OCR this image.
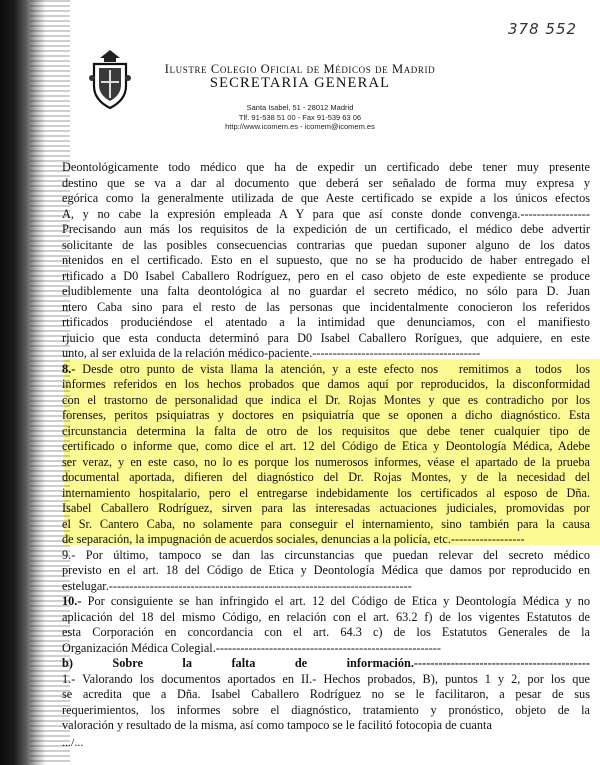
378 552
Ilustre Colegio Oficial de Médicos de Madrid
SECRETARIA GENERAL
Santa Isabel, 51 - 28012 Madrid
Tlf. 91-538 51 00 - Fax 91-539 63 06
http://www.icomem.es - icomem@icomem.es
Deontológicamente todo médico que ha de expedir un certificado debe tener muy presente
destino que se va a dar al documento que deberá ser señalado de forma muy expresa y
egórica como la generalmente utilizada de que Aeste certificado se expide a los únicos efectos
A, y no cabe la expresión empleada A Y para que así conste donde convenga.-----------------
Precisando aun más los requisitos de la expedición de un certificado, el médico debe advertir
solicitante de las posibles consecuencias contrarias que puedan suponer alguno de los datos
ntenidos en el certificado. Esto en el supuesto, que no se ha producido de haber entregado el
rtificado a D0 Isabel Caballero Rodríguez, pero en el caso objeto de este expediente se produce
eludiblemente una falta deontológica al no guardar el secreto médico, no sólo para D. Juan
ntero Caba sino para el resto de las personas que incidentalmente conocieron los referidos
rtificados produciéndose el atentado a la intimidad que denunciamos, con el manifiesto
rjuicio que esta conducta determinó para D0 Isabel Caballero Rorígueз, que adquiere, en este
unto, al ser exluida de la relación médico-paciente.-----------------------------------------
8.- Desde otro punto de vista llama la atención, y a este efecto nos   remitimos a  todos  los
informes referidos en los hechos probados que damos aquí por reproducidos, la disconformidad
con el trastorno de personalidad que indica el Dr. Rojas Montes y que es contradicho por los
forenses, peritos psiquiatras y doctores en psiquiatría que se oponen a dicho diagnóstico. Esta
circunstancia determina la falta de otro de los requisitos que debe tener cualquier tipo de
certificado o informe que, como dice el art. 12 del Código de Etica y Deontología Médica, Adebe
ser veraz, y en este caso, no lo es porque los numerosos informes, véase el apartado de la prueba
documental aportada, difieren del diagnóstico del Dr. Rojas Montes, y de la necesidad del
internamiento hospitalario, pero el entregarse indebidamente los certificados al esposo de Dña.
Isabel Caballero Rodríguez, sirven para las interesadas actuaciones judiciales, promovidas por
el Sr. Cantero Caba, no solamente para conseguir el internamiento, sino también para la causa
de separación, la impugnación de acuerdos sociales, denuncias a la policía, etc.------------------
9.- Por último, tampoco se dan las circunstancias que puedan relevar del secreto médico
previsto en el art. 18 del Código de Etica y Deontología Médica que damos por reproducido en
estelugar.--------------------------------------------------------------------------
10.- Por consiguiente se han infringido el art. 12 del Código de Etica y Deontología Médica y no
aplicación del 18 del mismo Código, en relación con el art. 63.2 f) de los vigentes Estatutos de
esta Corporación en concordancia con el art. 64.3 c) de los Estatutos Generales de la
Organización Médica Colegial.-------------------------------------------------------
b) Sobre la falta de información.-------------------------------------------
1.- Valorando los documentos aportados en II.- Hechos probados, B), puntos 1 y 2, por los que
se acredita que a Dña. Isabel Caballero Rodríguez no se le facilitaron, a pesar de sus
requerimientos, los informes sobre el diagnóstico, tratamiento y pronóstico, objeto de la
valoración y resultado de la misma, así como tampoco se le facilitó fotocopia de cuanta
.../...
